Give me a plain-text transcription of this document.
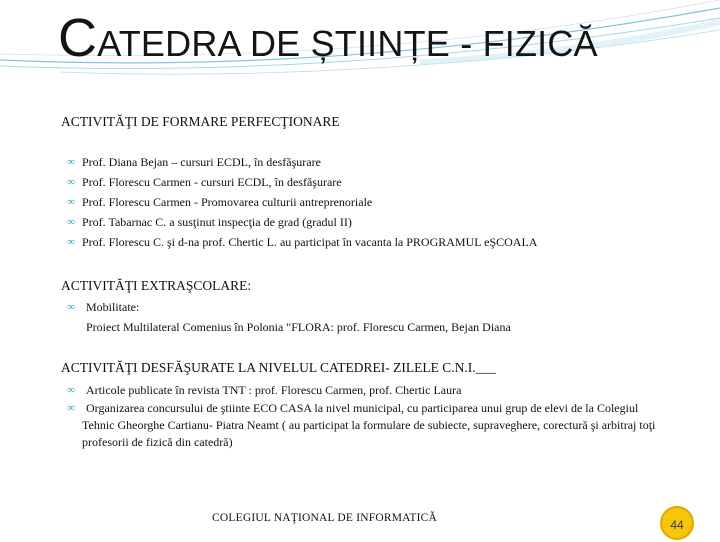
CATEDRA DE ȘTIINȚE - FIZICĂ
ACTIVITĂŢI DE FORMARE PERFECŢIONARE
∞ Prof. Diana Bejan – cursuri ECDL, în desfăşurare
∞ Prof. Florescu Carmen - cursuri ECDL, în desfăşurare
∞ Prof. Florescu Carmen - Promovarea culturii antreprenoriale
∞ Prof. Tabarnac C. a susţinut inspecţia de grad (gradul II)
∞ Prof. Florescu C. şi d-na prof. Chertic L. au participat în vacanta la PROGRAMUL eŞCOALA
ACTIVITĂŢI EXTRAŞCOLARE:
∞ Mobilitate:
Proiect Multilateral Comenius în Polonia "FLORA: prof. Florescu Carmen, Bejan Diana
ACTIVITĂŢI DESFĂŞURATE LA NIVELUL CATEDREI- ZILELE C.N.I.___
∞ Articole publicate în revista TNT : prof. Florescu Carmen, prof. Chertic Laura
∞ Organizarea concursului de ştiinte ECO CASA la nivel municipal, cu participarea unui grup de elevi de la Colegiul Tehnic Gheorghe Cartianu- Piatra Neamt ( au participat la formulare de subiecte, supraveghere, corectură şi arbitraj toţi profesorii de fizică din catedră)
COLEGIUL NAŢIONAL DE INFORMATICĂ	44
